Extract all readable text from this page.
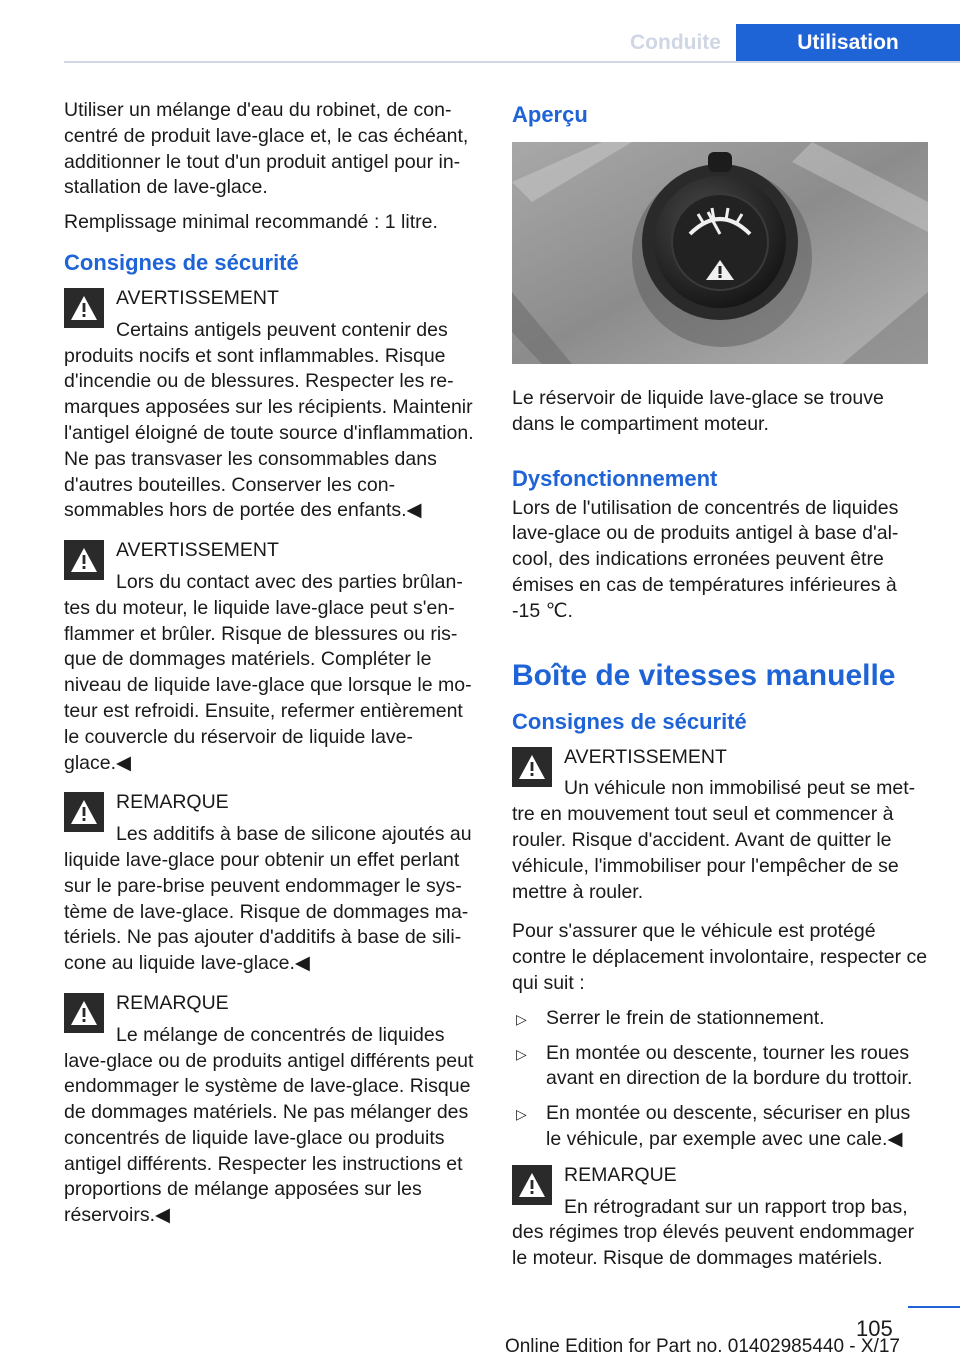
Conduite	Utilisation

Utiliser un mélange d'eau du robinet, de concentré de produit lave-glace et, le cas échéant, additionner le tout d'un produit antigel pour installation de lave-glace.

Remplissage minimal recommandé : 1 litre.

Consignes de sécurité
AVERTISSEMENT

Certains antigels peuvent contenir des produits nocifs et sont inflammables. Risque d'incendie ou de blessures. Respecter les remarques apposées sur les récipients. Maintenir l'antigel éloigné de toute source d'inflammation. Ne pas transvaser les consommables dans d'autres bouteilles. Conserver les consommables hors de portée des enfants.◀

AVERTISSEMENT

Lors du contact avec des parties brûlantes du moteur, le liquide lave-glace peut s'enflammer et brûler. Risque de blessures ou risque de dommages matériels. Compléter le niveau de liquide lave-glace que lorsque le moteur est refroidi. Ensuite, refermer entièrement le couvercle du réservoir de liquide lave-glace.◀

REMARQUE

Les additifs à base de silicone ajoutés au liquide lave-glace pour obtenir un effet perlant sur le pare-brise peuvent endommager le système de lave-glace. Risque de dommages matériels. Ne pas ajouter d'additifs à base de silicone au liquide lave-glace.◀

REMARQUE

Le mélange de concentrés de liquides lave-glace ou de produits antigel différents peut endommager le système de lave-glace. Risque de dommages matériels. Ne pas mélanger des concentrés de liquide lave-glace ou produits antigel différents. Respecter les instructions et proportions de mélange apposées sur les réservoirs.◀

Aperçu

Le réservoir de liquide lave-glace se trouve dans le compartiment moteur.

Dysfonctionnement

Lors de l'utilisation de concentrés de liquides lave-glace ou de produits antigel à base d'alcool, des indications erronées peuvent être émises en cas de températures inférieures à -15 ℃.

Boîte de vitesses manuelle
Consignes de sécurité
AVERTISSEMENT

Un véhicule non immobilisé peut se mettre en mouvement tout seul et commencer à rouler. Risque d'accident. Avant de quitter le véhicule, l'immobiliser pour l'empêcher de se mettre à rouler.

Pour s'assurer que le véhicule est protégé contre le déplacement involontaire, respecter ce qui suit :

▷ Serrer le frein de stationnement.
▷ En montée ou descente, tourner les roues avant en direction de la bordure du trottoir.
▷ En montée ou descente, sécuriser en plus le véhicule, par exemple avec une cale.◀
REMARQUE

En rétrogradant sur un rapport trop bas, des régimes trop élevés peuvent endommager le moteur. Risque de dommages matériels.

105
Online Edition for Part no. 01402985440 - X/17
